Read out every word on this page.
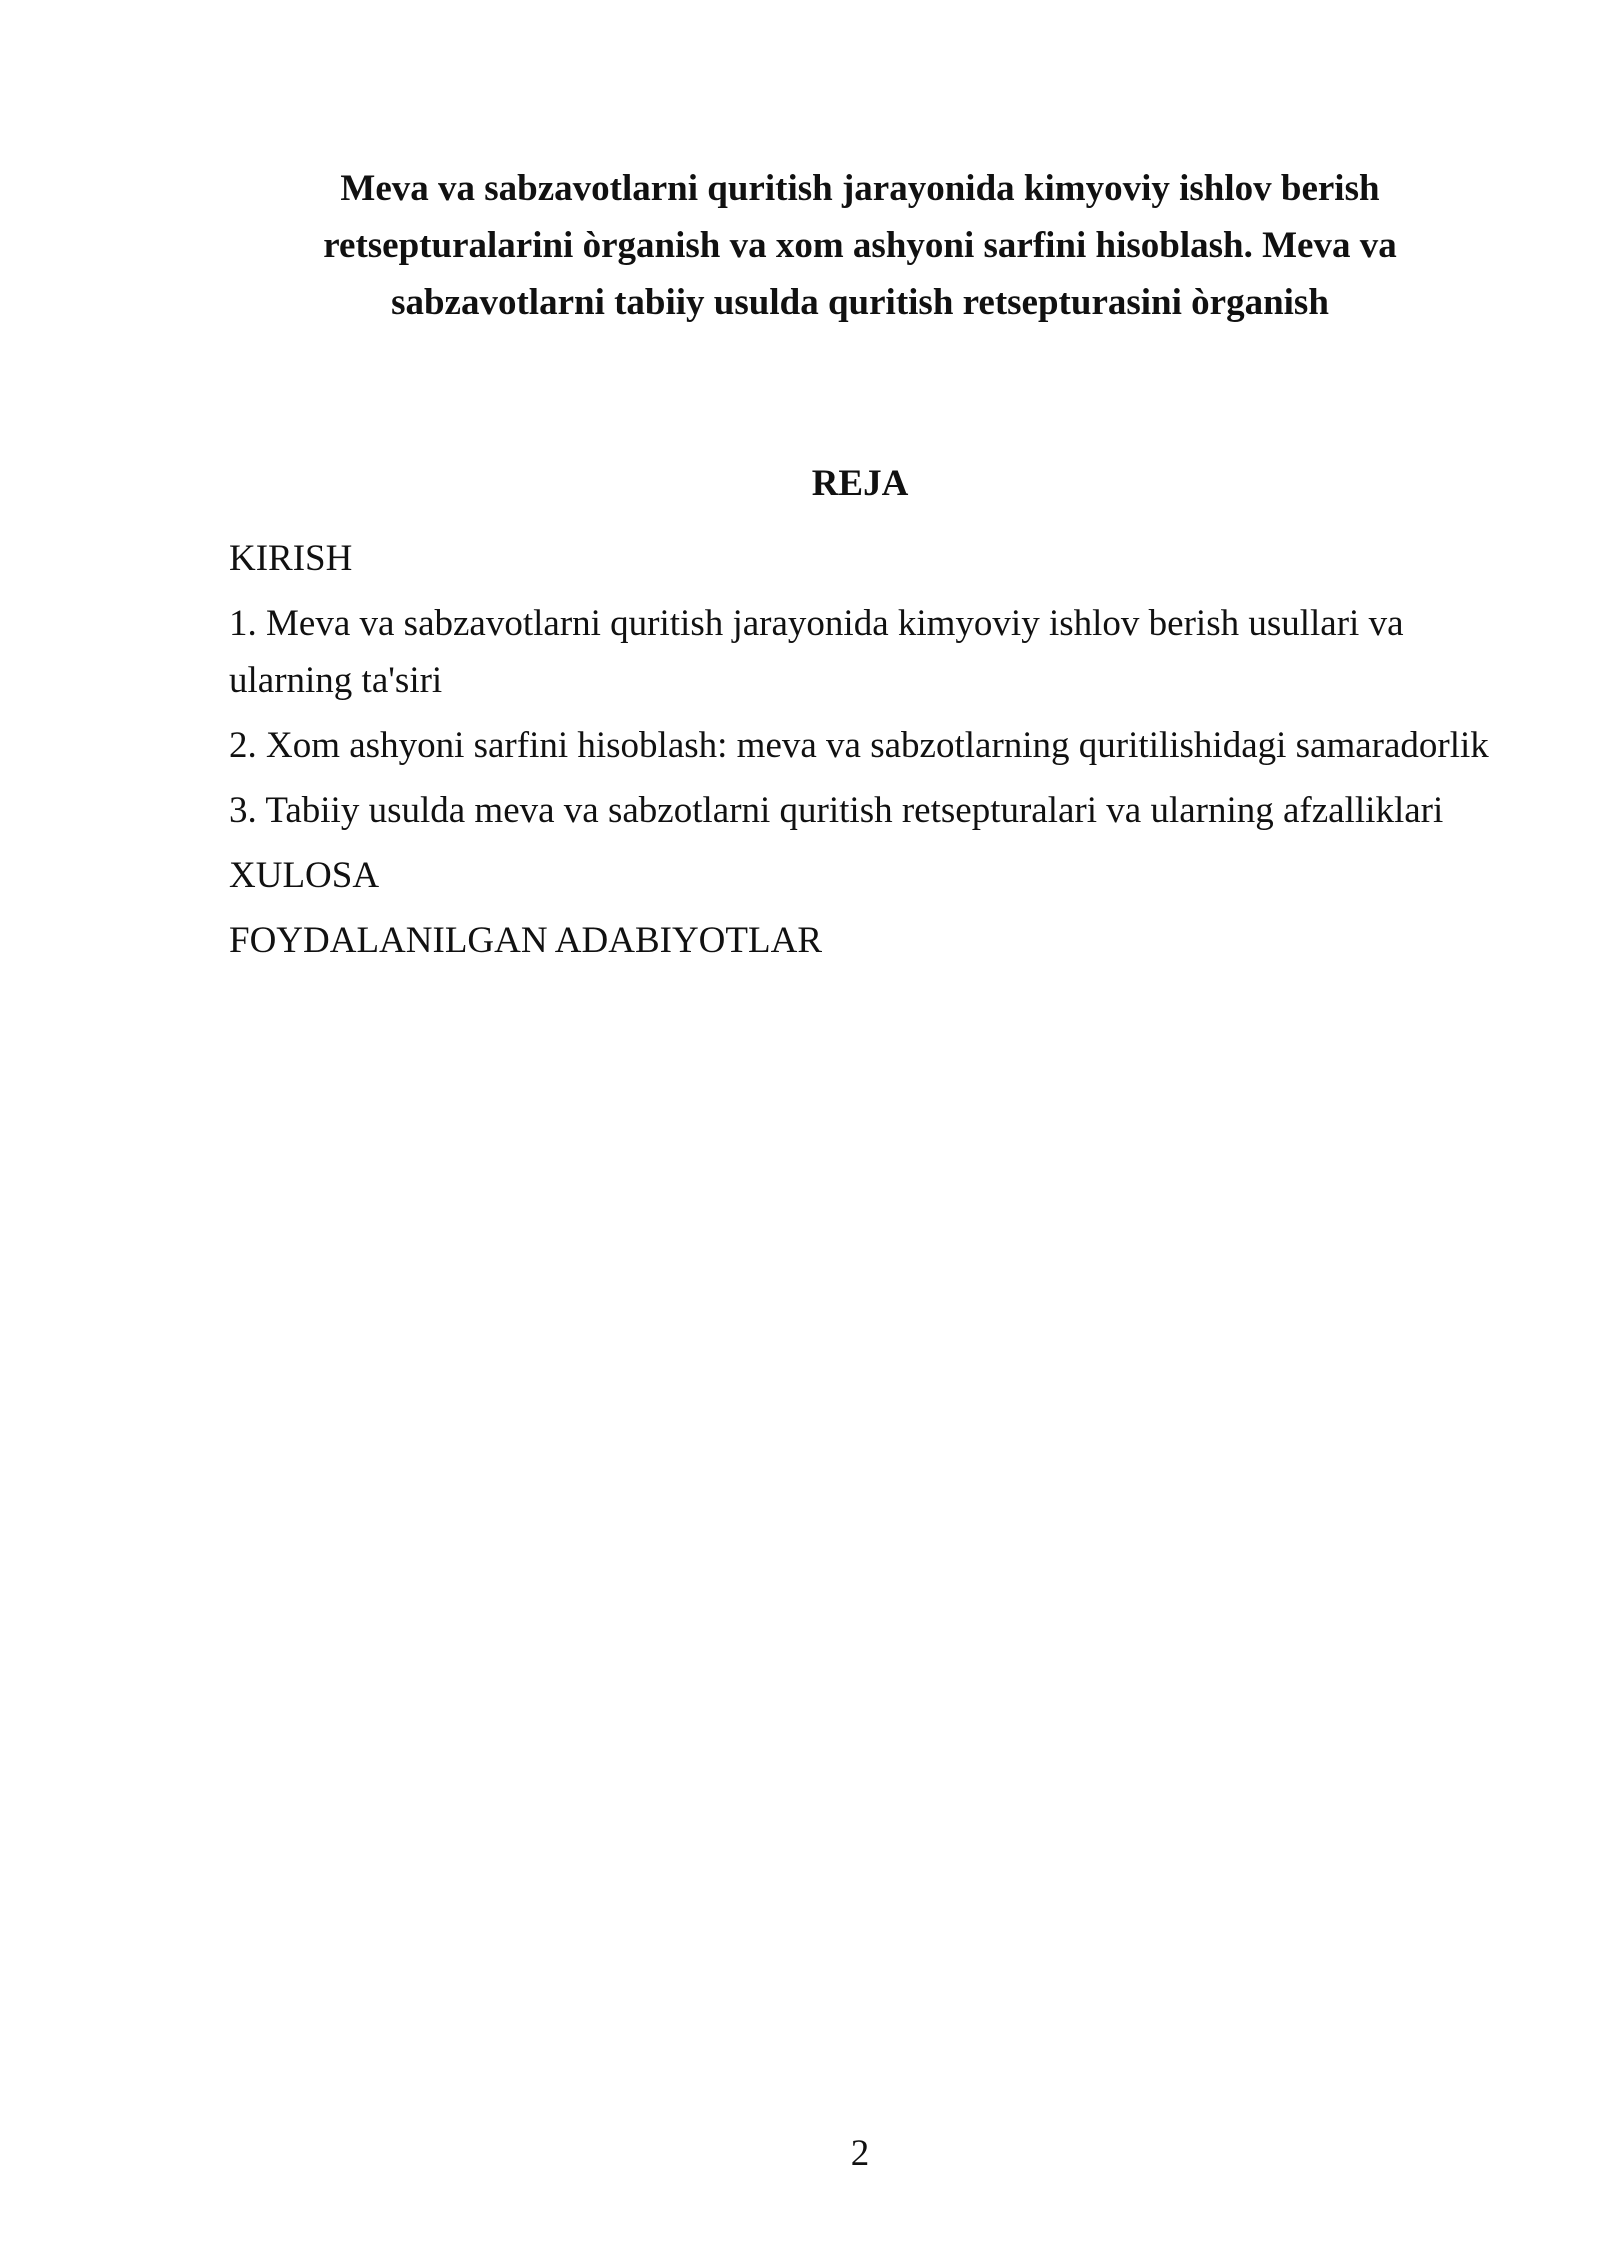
Meva va sabzavotlarni quritish jarayonida kimyoviy ishlov berish retsepturalarini òrganish va xom ashyoni sarfini hisoblash. Meva va sabzavotlarni tabiiy usulda quritish retsepturasini òrganish
REJA
KIRISH
1. Meva va sabzavotlarni quritish jarayonida kimyoviy ishlov berish usullari va ularning ta'siri
2. Xom ashyoni sarfini hisoblash: meva va sabzotlarning quritilishidagi samaradorlik
3. Tabiiy usulda meva va sabzotlarni quritish retsepturalari va ularning afzalliklari
XULOSA
FOYDALANILGAN ADABIYOTLAR
2
